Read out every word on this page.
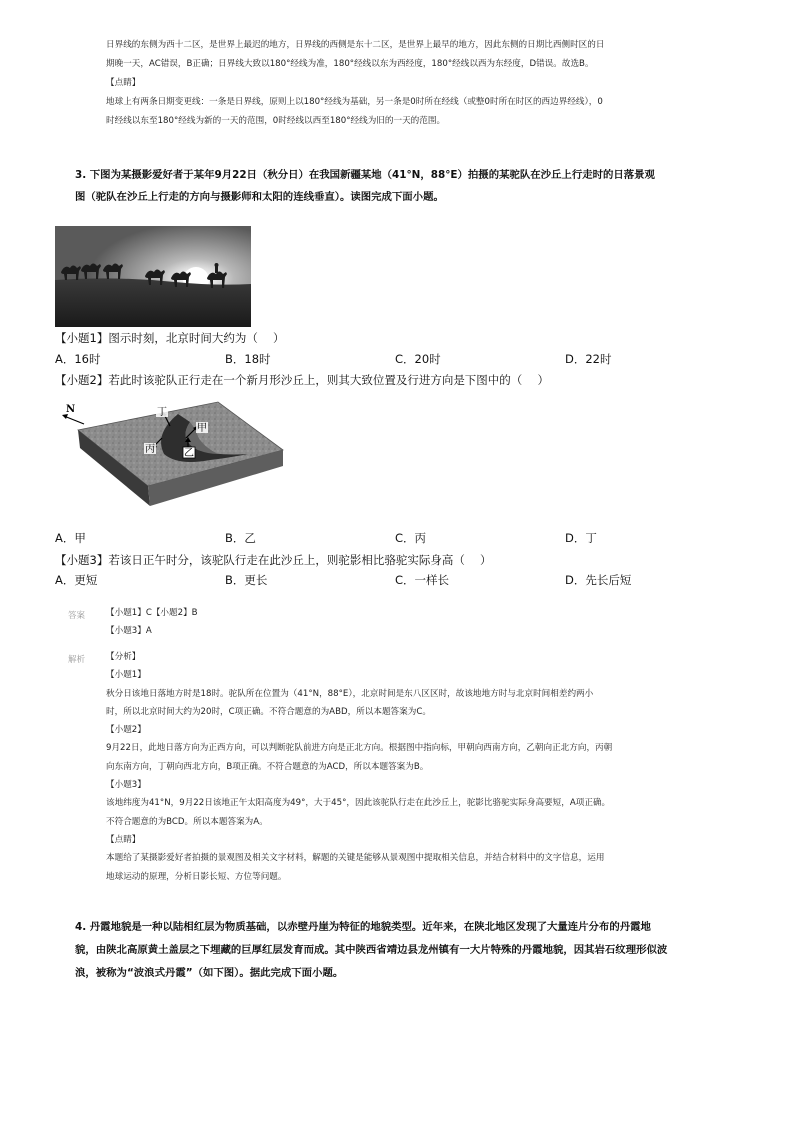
日界线的东侧为西十二区，是世界上最迟的地方，日界线的西侧是东十二区，是世界上最早的地方，因此东侧的日期比西侧时区的日
期晚一天，AC错误，B正确；日界线大致以180°经线为准，180°经线以东为西经度，180°经线以西为东经度，D错误。故选B。
【点睛】
地球上有两条日期变更线：一条是日界线，原则上以180°经线为基础，另一条是0时所在经线（或整0时所在时区的西边界经线），0
时经线以东至180°经线为新的一天的范围，0时经线以西至180°经线为旧的一天的范围。
3. 下图为某摄影爱好者于某年9月22日（秋分日）在我国新疆某地（41°N，88°E）拍摄的某驼队在沙丘上行走时的日落景观
图（驼队在沙丘上行走的方向与摄影师和太阳的连线垂直）。读图完成下面小题。
【小题1】图示时刻，北京时间大约为（　 ）
A．16时	B．18时	C．20时	D．22时
【小题2】若此时该驼队正行走在一个新月形沙丘上，则其大致位置及行进方向是下图中的（　 ）
N	丁
甲
丙	乙
A．甲	B．乙	C．丙	D．丁
【小题3】若该日正午时分，该驼队行走在此沙丘上，则驼影相比骆驼实际身高（　 ）
A．更短	B．更长	C．一样长	D．先长后短
答案 【小题1】C【小题2】B
【小题3】A
解析 【分析】
【小题1】
秋分日该地日落地方时是18时。驼队所在位置为（41°N，88°E），北京时间是东八区区时，故该地地方时与北京时间相差约两小
时，所以北京时间大约为20时，C项正确。不符合题意的为ABD，所以本题答案为C。
【小题2】
9月22日，此地日落方向为正西方向，可以判断驼队前进方向是正北方向。根据图中指向标，甲朝向西南方向，乙朝向正北方向，丙朝
向东南方向，丁朝向西北方向，B项正确。不符合题意的为ACD，所以本题答案为B。
【小题3】
该地纬度为41°N，9月22日该地正午太阳高度为49°，大于45°，因此该驼队行走在此沙丘上，驼影比骆驼实际身高要短，A项正确。
不符合题意的为BCD。所以本题答案为A。
【点睛】
本题给了某摄影爱好者拍摄的景观图及相关文字材料，解题的关键是能够从景观图中提取相关信息，并结合材料中的文字信息，运用
地球运动的原理，分析日影长短、方位等问题。
4. 丹霞地貌是一种以陆相红层为物质基础，以赤壁丹崖为特征的地貌类型。近年来，在陕北地区发现了大量连片分布的丹霞地
貌，由陕北高原黄土盖层之下埋藏的巨厚红层发育而成。其中陕西省靖边县龙州镇有一大片特殊的丹霞地貌，因其岩石纹理形似波
浪，被称为“波浪式丹霞”（如下图）。据此完成下面小题。
